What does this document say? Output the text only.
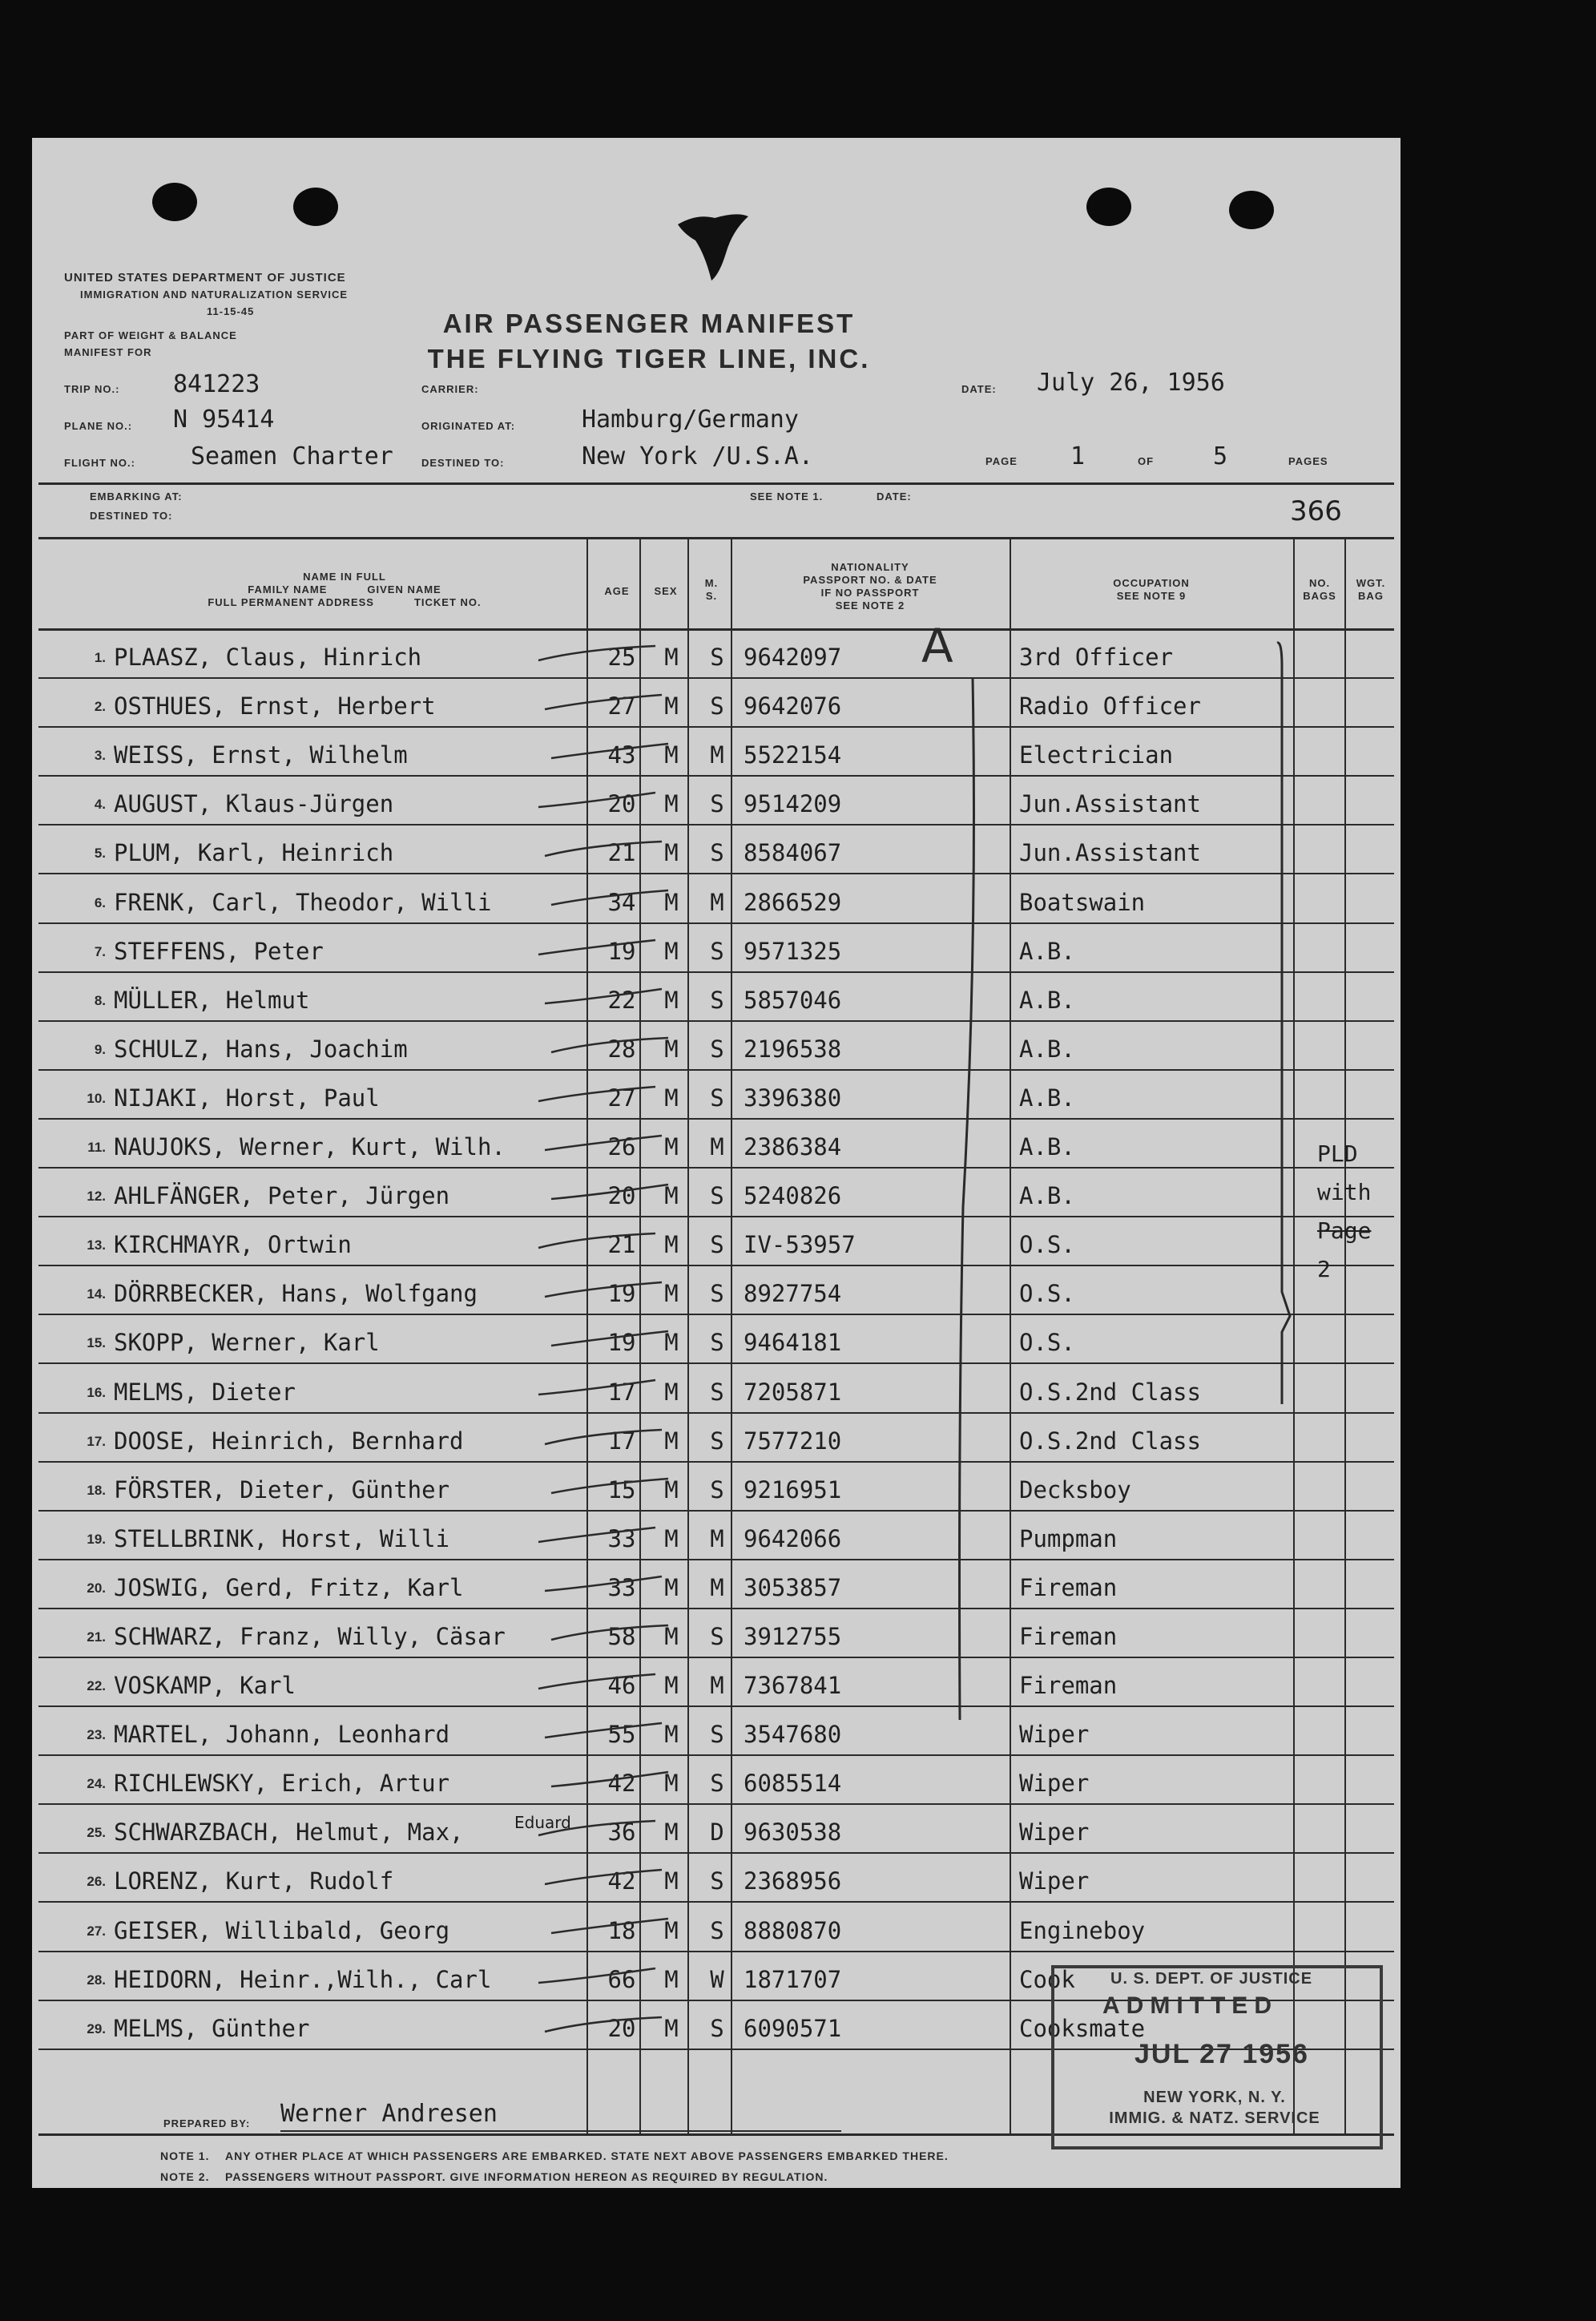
UNITED STATES DEPARTMENT OF JUSTICE
IMMIGRATION AND NATURALIZATION SERVICE
11-15-45
PART OF WEIGHT & BALANCE
MANIFEST FOR
AIR PASSENGER MANIFEST
THE FLYING TIGER LINE, INC.
TRIP NO.: 841223	CARRIER:	DATE: July 26, 1956
PLANE NO.: N 95414	ORIGINATED AT:	Hamburg/Germany
FLIGHT NO.: Seamen Charter	DESTINED TO:	New York /U.S.A.	PAGE 1	OF 5	PAGES
EMBARKING AT:
DESTINED TO:
SEE NOTE 1.	DATE:	366
NAME IN FULL
FAMILY NAME	GIVEN NAME
FULL PERMANENT ADDRESS	TICKET NO.
AGE	SEX
M.
S.
NATIONALITY
PASSPORT NO. & DATE
IF NO PASSPORT
SEE NOTE 2
OCCUPATION
SEE NOTE 9
NO.
BAGS
WGT.
BAG
1. PLAASZ, Claus, Hinrich	25	M	S 9642097	3rd Officer
2. OSTHUES, Ernst, Herbert	27	M	S 9642076	Radio Officer
3. WEISS, Ernst, Wilhelm	43	M	M 5522154	Electrician
4. AUGUST, Klaus-Jürgen	20	M	S 9514209	Jun.Assistant
5. PLUM, Karl, Heinrich	21	M	S 8584067	Jun.Assistant
6. FRENK, Carl, Theodor, Willi	34	M	M 2866529	Boatswain
7. STEFFENS, Peter	19	M	S 9571325	A.B.
8. MÜLLER, Helmut	22	M	S 5857046	A.B.
9. SCHULZ, Hans, Joachim	28	M	S 2196538	A.B.
10. NIJAKI, Horst, Paul	27	M	S 3396380	A.B.
11. NAUJOKS, Werner, Kurt, Wilh.	26	M	M 2386384	A.B.
12. AHLFÄNGER, Peter, Jürgen	20	M	S 5240826	A.B.
13. KIRCHMAYR, Ortwin	21	M	S IV-53957	O.S.
14. DÖRRBECKER, Hans, Wolfgang	19	M	S 8927754	O.S.
15. SKOPP, Werner, Karl	19	M	S 9464181	O.S.
16. MELMS, Dieter	17	M	S 7205871	O.S.2nd Class
17. DOOSE, Heinrich, Bernhard	17	M	S 7577210	O.S.2nd Class
18. FÖRSTER, Dieter, Günther	15	M	S 9216951	Decksboy
19. STELLBRINK, Horst, Willi	33	M	M 9642066	Pumpman
20. JOSWIG, Gerd, Fritz, Karl	33	M	M 3053857	Fireman
21. SCHWARZ, Franz, Willy, Cäsar	58	M	S 3912755	Fireman
22. VOSKAMP, Karl	46	M	M 7367841	Fireman
23. MARTEL, Johann, Leonhard	55	M	S 3547680	Wiper
24. RICHLEWSKY, Erich, Artur	42	M	S 6085514	Wiper
25. SCHWARZBACH, Helmut, Max,	36	M	D 9630538	Wiper
26. LORENZ, Kurt, Rudolf	42	M	S 2368956	Wiper
27. GEISER, Willibald, Georg	18	M	S 8880870	Engineboy
28. HEIDORN, Heinr.,Wilh., Carl	66	M	W 1871707	Cook
29. MELMS, Günther	20	M	S 6090571	Cooksmate
A
Eduard
PLD
with
Page
2
PREPARED BY: Werner Andresen
NOTE 1. ANY OTHER PLACE AT WHICH PASSENGERS ARE EMBARKED. STATE NEXT ABOVE PASSENGERS EMBARKED THERE.
NOTE 2. PASSENGERS WITHOUT PASSPORT. GIVE INFORMATION HEREON AS REQUIRED BY REGULATION.
U. S. DEPT. OF JUSTICE
ADMITTED
JUL 27 1956
NEW YORK, N. Y.
IMMIG. & NATZ. SERVICE
